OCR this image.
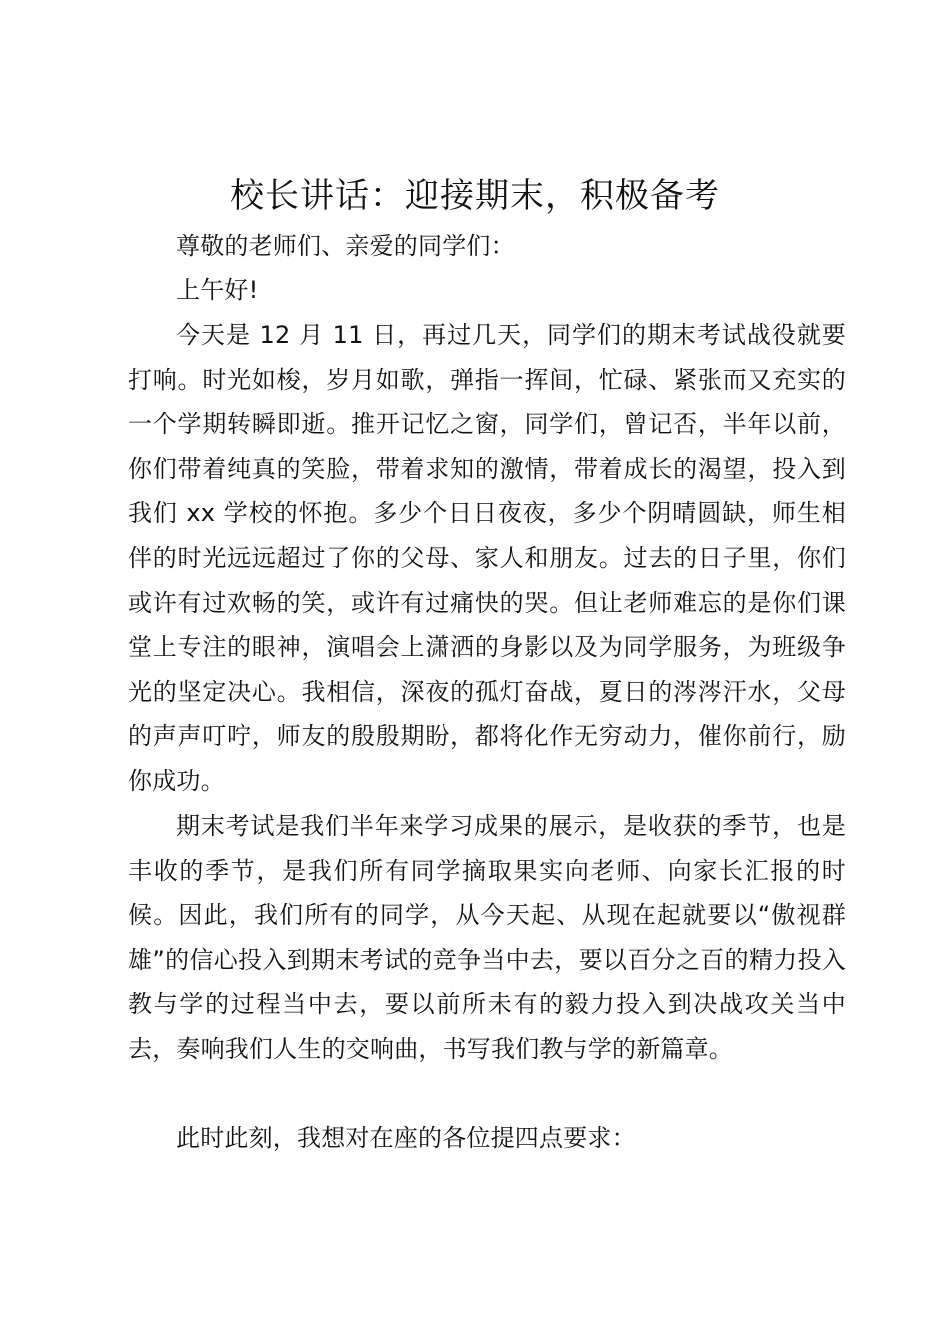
校长讲话：迎接期末，积极备考

尊敬的老师们、亲爱的同学们：

上午好!

今天是 12 月 11 日，再过几天，同学们的期末考试战役就要打响。时光如梭，岁月如歌，弹指一挥间，忙碌、紧张而又充实的一个学期转瞬即逝。推开记忆之窗，同学们，曾记否，半年以前，你们带着纯真的笑脸，带着求知的激情，带着成长的渴望，投入到我们 xx 学校的怀抱。多少个日日夜夜，多少个阴晴圆缺，师生相伴的时光远远超过了你的父母、家人和朋友。过去的日子里，你们或许有过欢畅的笑，或许有过痛快的哭。但让老师难忘的是你们课堂上专注的眼神，演唱会上潇洒的身影以及为同学服务，为班级争光的坚定决心。我相信，深夜的孤灯奋战，夏日的涔涔汗水，父母的声声叮咛，师友的殷殷期盼，都将化作无穷动力，催你前行，励你成功。

期末考试是我们半年来学习成果的展示，是收获的季节，也是丰收的季节，是我们所有同学摘取果实向老师、向家长汇报的时候。因此，我们所有的同学，从今天起、从现在起就要以“傲视群雄”的信心投入到期末考试的竞争当中去，要以百分之百的精力投入教与学的过程当中去，要以前所未有的毅力投入到决战攻关当中去，奏响我们人生的交响曲，书写我们教与学的新篇章。

此时此刻，我想对在座的各位提四点要求：
